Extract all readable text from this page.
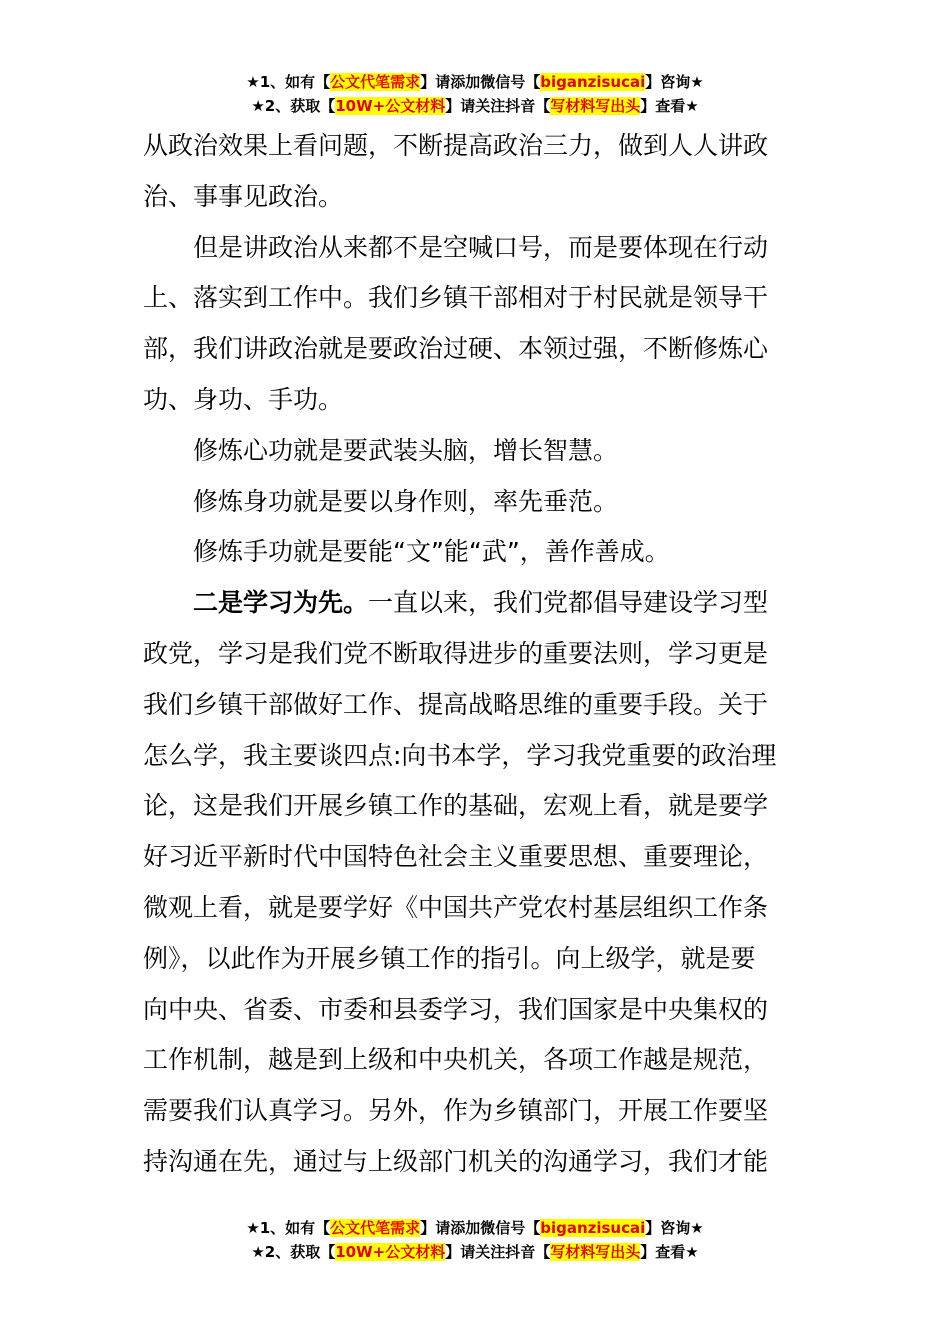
★1、如有【公文代笔需求】请添加微信号【biganzisucai】咨询★
★2、获取【10W+公文材料】请关注抖音【写材料写出头】查看★
从政治效果上看问题，不断提高政治三力，做到人人讲政
治、事事见政治。
但是讲政治从来都不是空喊口号，而是要体现在行动
上、落实到工作中。我们乡镇干部相对于村民就是领导干
部，我们讲政治就是要政治过硬、本领过强，不断修炼心
功、身功、手功。
修炼心功就是要武装头脑，增长智慧。
修炼身功就是要以身作则，率先垂范。
修炼手功就是要能“文”能“武”，善作善成。
二是学习为先。一直以来，我们党都倡导建设学习型
政党，学习是我们党不断取得进步的重要法则，学习更是
我们乡镇干部做好工作、提高战略思维的重要手段。关于
怎么学，我主要谈四点:向书本学，学习我党重要的政治理
论，这是我们开展乡镇工作的基础，宏观上看，就是要学
好习近平新时代中国特色社会主义重要思想、重要理论，
微观上看，就是要学好《中国共产党农村基层组织工作条
例》，以此作为开展乡镇工作的指引。向上级学，就是要
向中央、省委、市委和县委学习，我们国家是中央集权的
工作机制，越是到上级和中央机关，各项工作越是规范，
需要我们认真学习。另外，作为乡镇部门，开展工作要坚
持沟通在先，通过与上级部门机关的沟通学习，我们才能
★1、如有【公文代笔需求】请添加微信号【biganzisucai】咨询★
★2、获取【10W+公文材料】请关注抖音【写材料写出头】查看★
